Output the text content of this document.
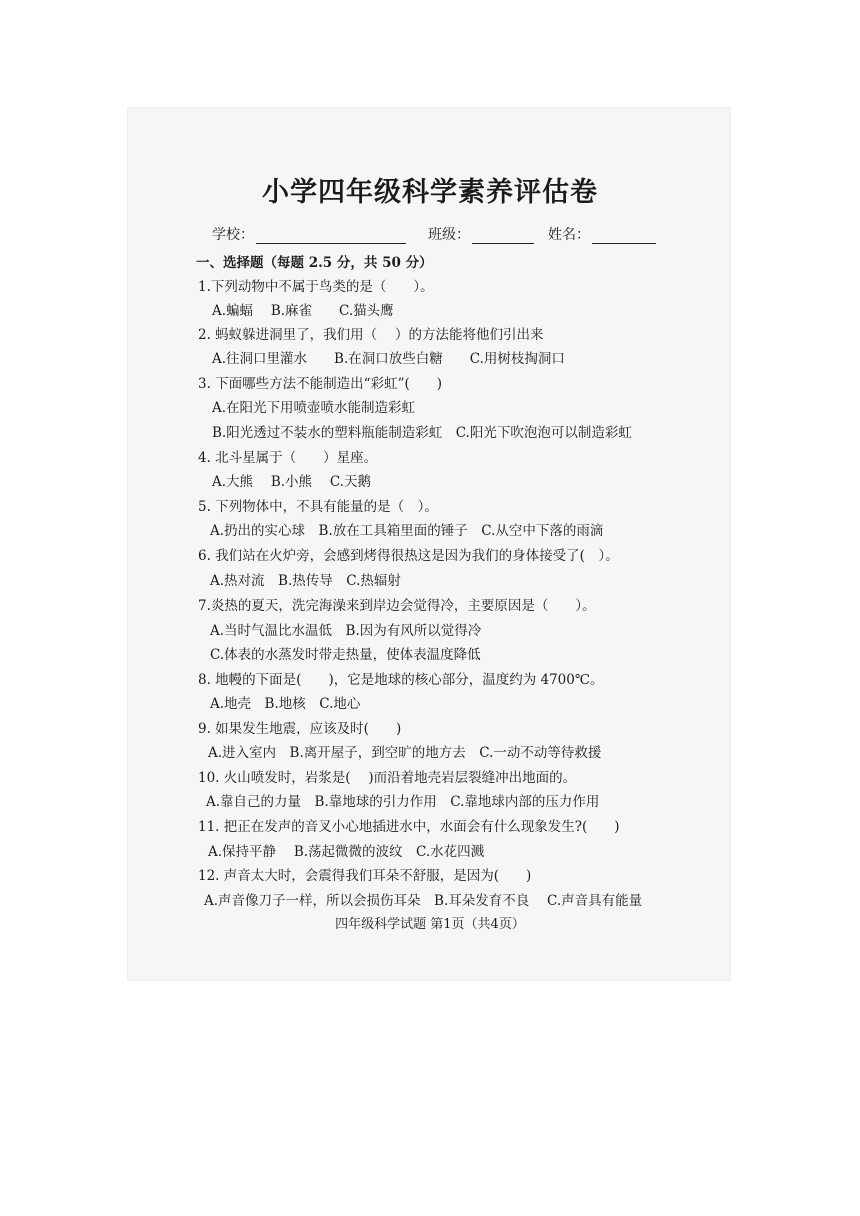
小学四年级科学素养评估卷
学校：	班级：	姓名：
一、选择题（每题 2.5 分，共 50 分）
1.下列动物中不属于鸟类的是（　　）。
A.蝙蝠　 B.麻雀　　C.猫头鹰
2. 蚂蚁躲进洞里了，我们用（　 ）的方法能将他们引出来
A.往洞口里灌水　　B.在洞口放些白糖　　C.用树枝掏洞口
3. 下面哪些方法不能制造出“彩虹”(　　)
A.在阳光下用喷壶喷水能制造彩虹
B.阳光透过不装水的塑料瓶能制造彩虹　C.阳光下吹泡泡可以制造彩虹
4. 北斗星属于（　　）星座。
A.大熊　 B.小熊　 C.天鹅
5. 下列物体中，不具有能量的是（　）。
A.扔出的实心球　B.放在工具箱里面的锤子　C.从空中下落的雨滴
6. 我们站在火炉旁，会感到烤得很热这是因为我们的身体接受了(　）。
A.热对流　B.热传导　C.热辐射
7.炎热的夏天，洗完海澡来到岸边会觉得冷，主要原因是（　　）。
A.当时气温比水温低　B.因为有风所以觉得冷
C.体表的水蒸发时带走热量，使体表温度降低
8. 地幔的下面是(　　)，它是地球的核心部分，温度约为 4700℃。
A.地壳　B.地核　C.地心
9. 如果发生地震，应该及时(　　)
A.进入室内　B.离开屋子，到空旷的地方去　C.一动不动等待救援
10. 火山喷发时，岩浆是(　 )而沿着地壳岩层裂缝冲出地面的。
A.靠自己的力量　B.靠地球的引力作用　C.靠地球内部的压力作用
11. 把正在发声的音叉小心地插进水中，水面会有什么现象发生?(　　)
A.保持平静　 B.荡起微微的波纹　C.水花四溅
12. 声音太大时，会震得我们耳朵不舒服，是因为(　　)
A.声音像刀子一样，所以会损伤耳朵　B.耳朵发育不良　 C.声音具有能量
四年级科学试题 第1页（共4页）
